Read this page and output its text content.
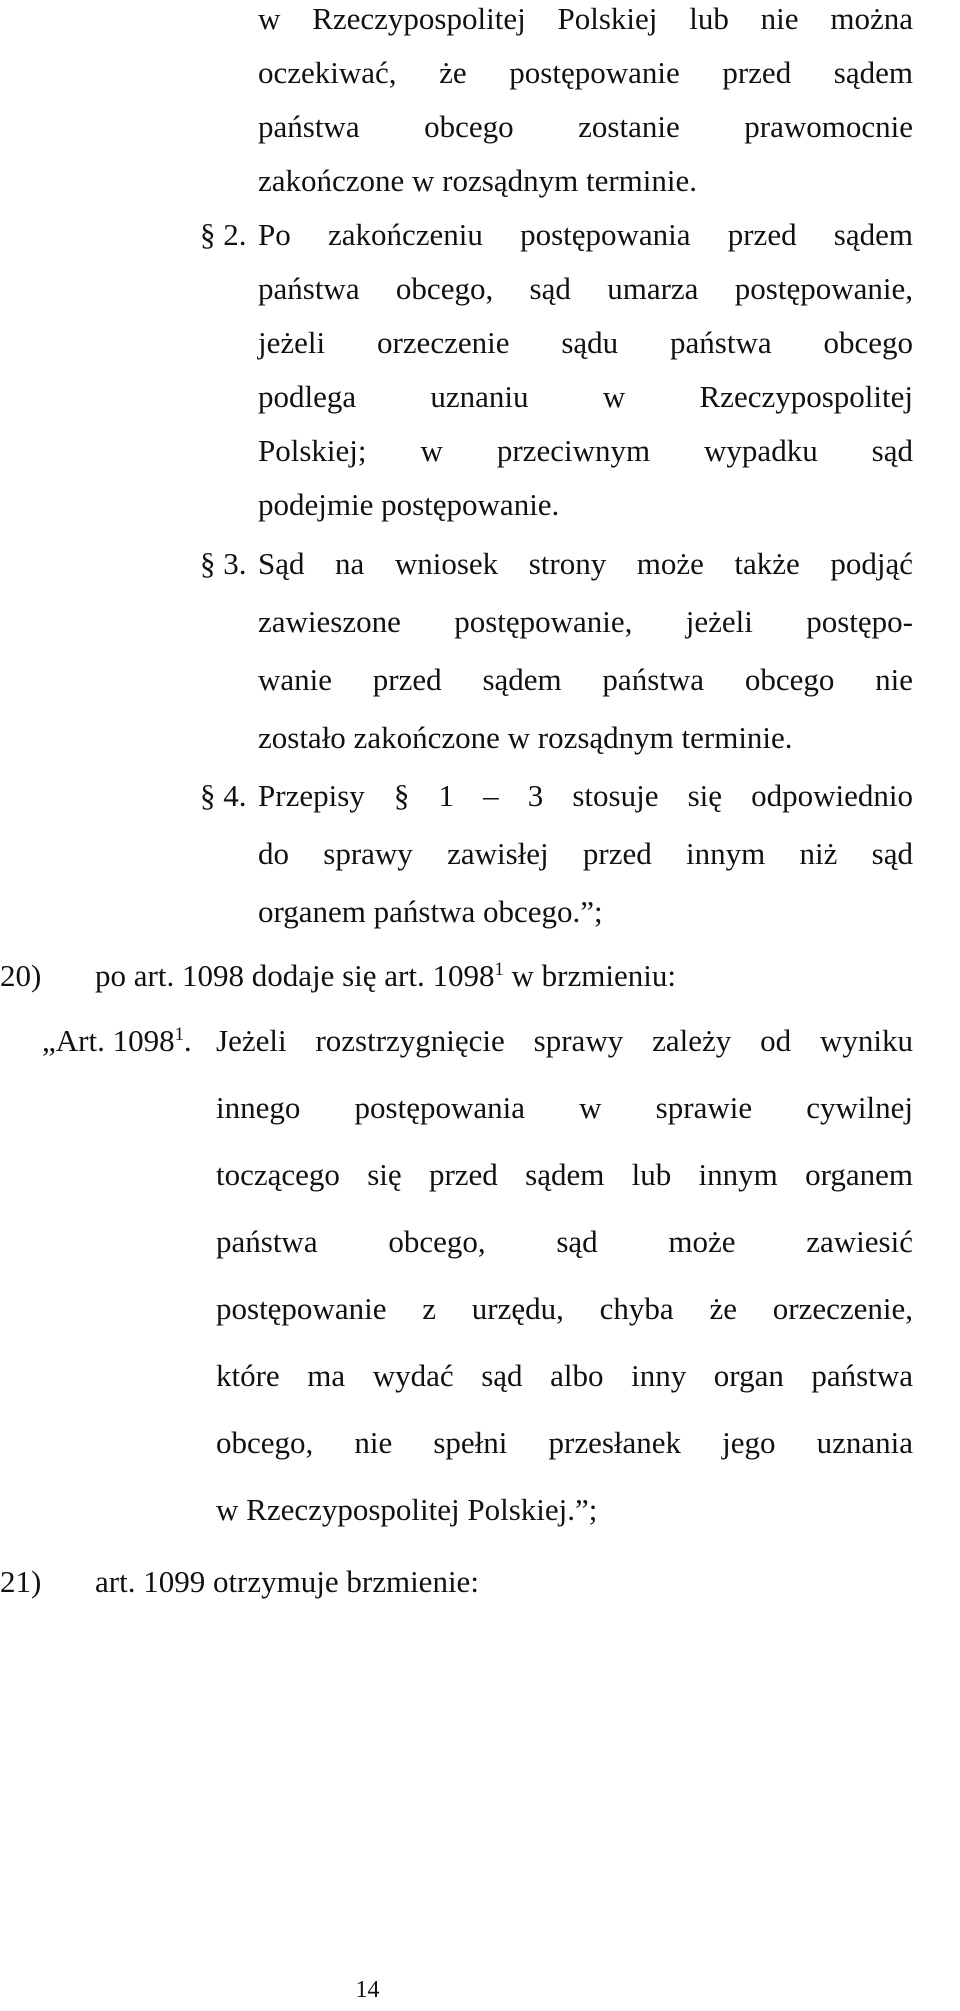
w Rzeczypospolitej Polskiej lub nie można
oczekiwać, że postępowanie przed sądem
państwa obcego zostanie prawomocnie
zakończone w rozsądnym terminie.
§ 2. Po zakończeniu postępowania przed sądem
państwa obcego, sąd umarza postępowanie,
jeżeli orzeczenie sądu państwa obcego
podlega uznaniu w Rzeczypospolitej
Polskiej; w przeciwnym wypadku sąd
podejmie postępowanie.
§ 3. Sąd na wniosek strony może także podjąć
zawieszone postępowanie, jeżeli postępo-
wanie przed sądem państwa obcego nie
zostało zakończone w rozsądnym terminie.
§ 4. Przepisy § 1 – 3 stosuje się odpowiednio
do sprawy zawisłej przed innym niż sąd
organem państwa obcego.”;
20) po art. 1098 dodaje się art. 1098$^1$ w brzmieniu:
„Art. 1098$^1$. Jeżeli rozstrzygnięcie sprawy zależy od wyniku
innego postępowania w sprawie cywilnej
toczącego się przed sądem lub innym organem
państwa obcego, sąd może zawiesić
postępowanie z urzędu, chyba że orzeczenie,
które ma wydać sąd albo inny organ państwa
obcego, nie spełni przesłanek jego uznania
w Rzeczypospolitej Polskiej.”;
21) art. 1099 otrzymuje brzmienie:
14
